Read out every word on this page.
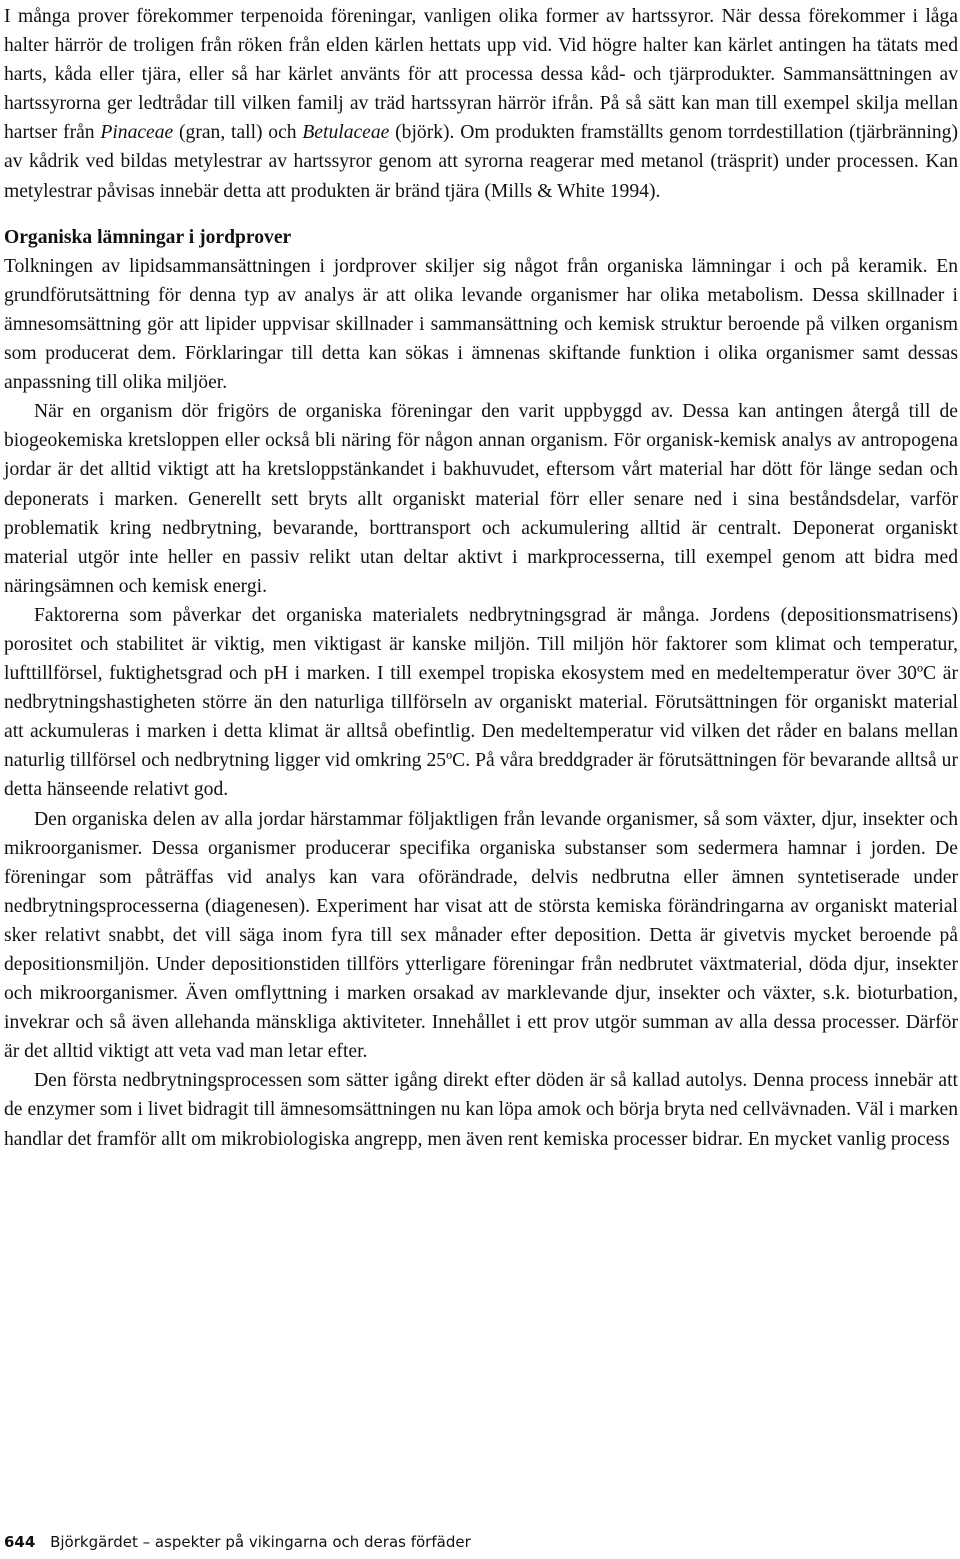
I många prover förekommer terpenoida föreningar, vanligen olika former av hartssyror. När dessa förekommer i låga halter härrör de troligen från röken från elden kärlen hettats upp vid. Vid högre halter kan kärlet antingen ha tätats med harts, kåda eller tjära, eller så har kärlet använts för att processa dessa kåd- och tjärprodukter. Sammansättningen av hartssyrorna ger ledtrådar till vilken familj av träd hartssyran härrör ifrån. På så sätt kan man till exempel skilja mellan hartser från Pinaceae (gran, tall) och Betulaceae (björk). Om produkten framställts genom torrdestillation (tjärbränning) av kådrik ved bildas metylestrar av hartssyror genom att syrorna reagerar med metanol (träsprit) under processen. Kan metylestrar påvisas innebär detta att produkten är bränd tjära (Mills & White 1994).

Organiska lämningar i jordprover

Tolkningen av lipidsammansättningen i jordprover skiljer sig något från organiska lämningar i och på keramik. En grundförutsättning för denna typ av analys är att olika levande organismer har olika metabolism. Dessa skillnader i ämnesomsättning gör att lipider uppvisar skillnader i sammansättning och kemisk struktur beroende på vilken organism som producerat dem. Förklaringar till detta kan sökas i ämnenas skiftande funktion i olika organismer samt dessas anpassning till olika miljöer.

När en organism dör frigörs de organiska föreningar den varit uppbyggd av. Dessa kan antingen återgå till de biogeokemiska kretsloppen eller också bli näring för någon annan organism. För organisk-kemisk analys av antropogena jordar är det alltid viktigt att ha kretsloppstänkandet i bakhuvudet, eftersom vårt material har dött för länge sedan och deponerats i marken. Generellt sett bryts allt organiskt material förr eller senare ned i sina beståndsdelar, varför problematik kring nedbrytning, bevarande, borttransport och ackumulering alltid är centralt. Deponerat organiskt material utgör inte heller en passiv relikt utan deltar aktivt i markprocesserna, till exempel genom att bidra med näringsämnen och kemisk energi.

Faktorerna som påverkar det organiska materialets nedbrytningsgrad är många. Jordens (depositionsmatrisens) porositet och stabilitet är viktig, men viktigast är kanske miljön. Till miljön hör faktorer som klimat och temperatur, lufttillförsel, fuktighetsgrad och pH i marken. I till exempel tropiska ekosystem med en medeltemperatur över 30ºC är nedbrytningshastigheten större än den naturliga tillförseln av organiskt material. Förutsättningen för organiskt material att ackumuleras i marken i detta klimat är alltså obefintlig. Den medeltemperatur vid vilken det råder en balans mellan naturlig tillförsel och nedbrytning ligger vid omkring 25ºC. På våra breddgrader är förutsättningen för bevarande alltså ur detta hänseende relativt god.

Den organiska delen av alla jordar härstammar följaktligen från levande organismer, så som växter, djur, insekter och mikroorganismer. Dessa organismer producerar specifika organiska substanser som sedermera hamnar i jorden. De föreningar som påträffas vid analys kan vara oförändrade, delvis nedbrutna eller ämnen syntetiserade under nedbrytningsprocesserna (diagenesen). Experiment har visat att de största kemiska förändringarna av organiskt material sker relativt snabbt, det vill säga inom fyra till sex månader efter deposition. Detta är givetvis mycket beroende på depositionsmiljön. Under depositionstiden tillförs ytterligare föreningar från nedbrutet växtmaterial, döda djur, insekter och mikroorganismer. Även omflyttning i marken orsakad av marklevande djur, insekter och växter, s.k. bioturbation, invekrar och så även allehanda mänskliga aktiviteter. Innehållet i ett prov utgör summan av alla dessa processer. Därför är det alltid viktigt att veta vad man letar efter.

Den första nedbrytningsprocessen som sätter igång direkt efter döden är så kallad autolys. Denna process innebär att de enzymer som i livet bidragit till ämnesomsättningen nu kan löpa amok och börja bryta ned cellvävnaden. Väl i marken handlar det framför allt om mikrobiologiska angrepp, men även rent kemiska processer bidrar. En mycket vanlig process

644 Björkgärdet – aspekter på vikingarna och deras förfäder
